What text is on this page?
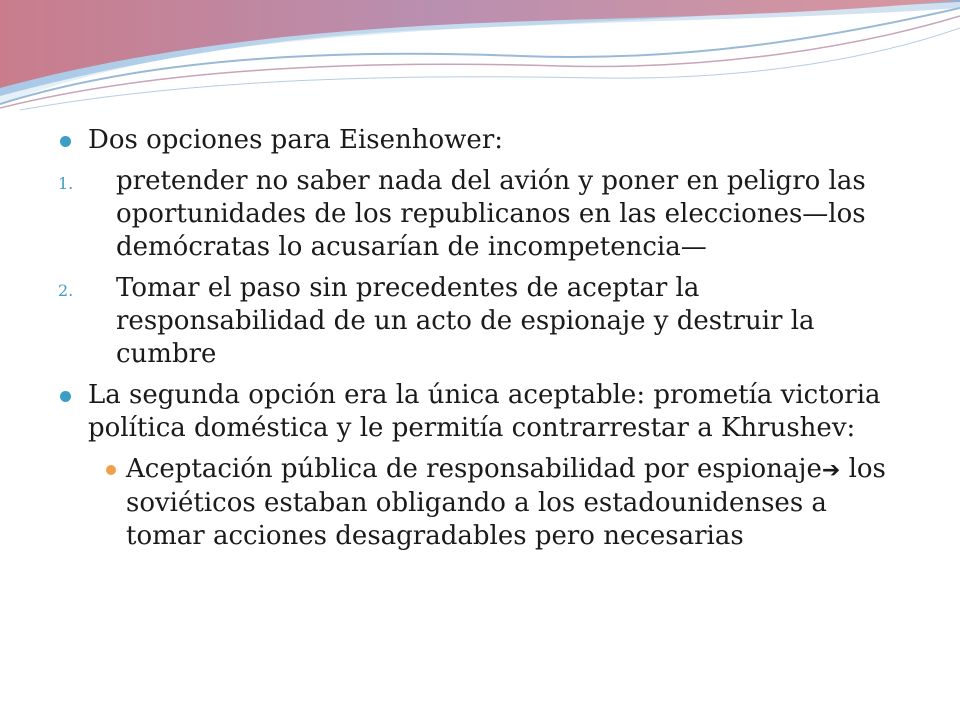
Dos opciones para Eisenhower:

1. pretender no saber nada del avión y poner en peligro las oportunidades de los republicanos en las elecciones—los demócratas lo acusarían de incompetencia—

2. Tomar el paso sin precedentes de aceptar la responsabilidad de un acto de espionaje y destruir la cumbre

La segunda opción era la única aceptable: prometía victoria política doméstica y le permitía contrarrestar a Khrushev:

Aceptación pública de responsabilidad por espionaje➔ los soviéticos estaban obligando a los estadounidenses a tomar acciones desagradables pero necesarias
